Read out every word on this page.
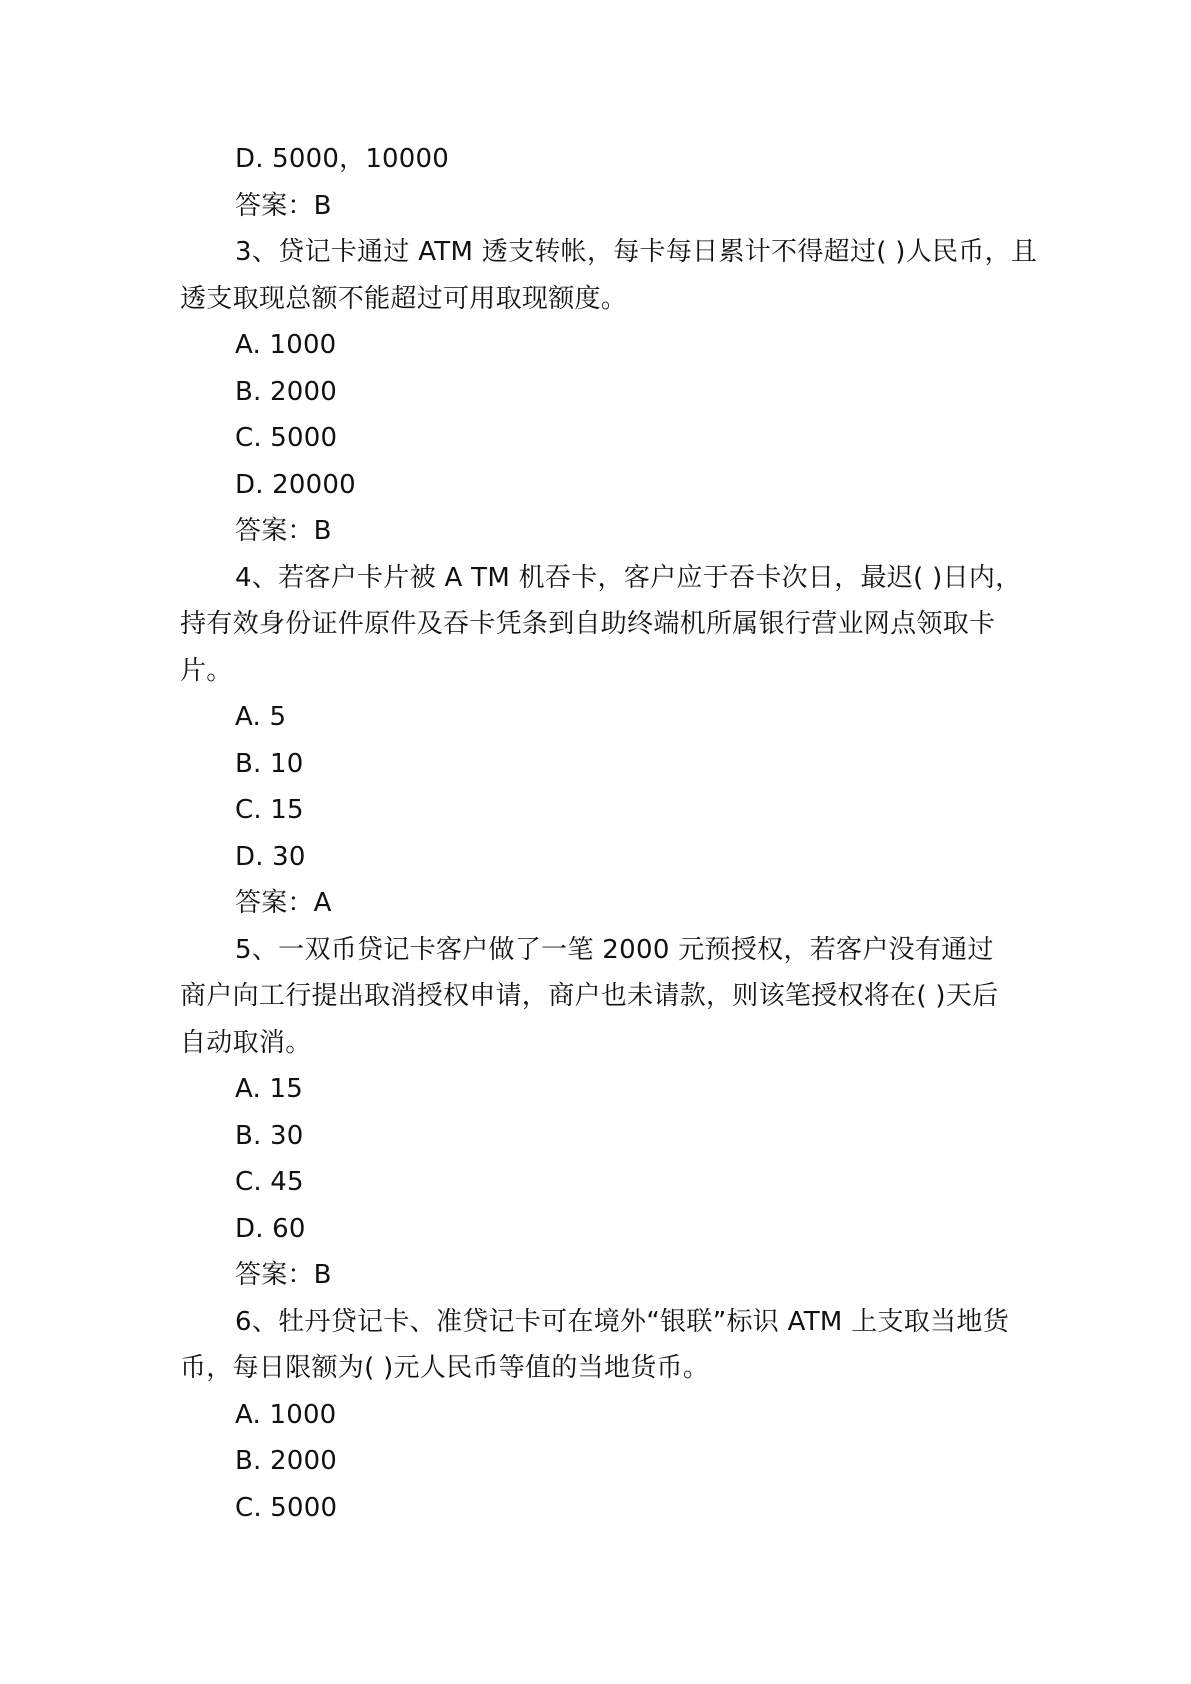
D. 5000，10000
答案：B

3、贷记卡通过 ATM 透支转帐，每卡每日累计不得超过( )人民币，且透支取现总额不能超过可用取现额度。

A. 1000
B. 2000
C. 5000
D. 20000
答案：B

4、若客户卡片被 A TM 机吞卡，客户应于吞卡次日，最迟( )日内，持有效身份证件原件及吞卡凭条到自助终端机所属银行营业网点领取卡片。

A. 5
B. 10
C. 15
D. 30
答案：A

5、一双币贷记卡客户做了一笔 2000 元预授权，若客户没有通过商户向工行提出取消授权申请，商户也未请款，则该笔授权将在( )天后自动取消。

A. 15
B. 30
C. 45
D. 60
答案：B

6、牡丹贷记卡、准贷记卡可在境外“银联”标识 ATM 上支取当地货币，每日限额为( )元人民币等值的当地货币。

A. 1000
B. 2000
C. 5000
